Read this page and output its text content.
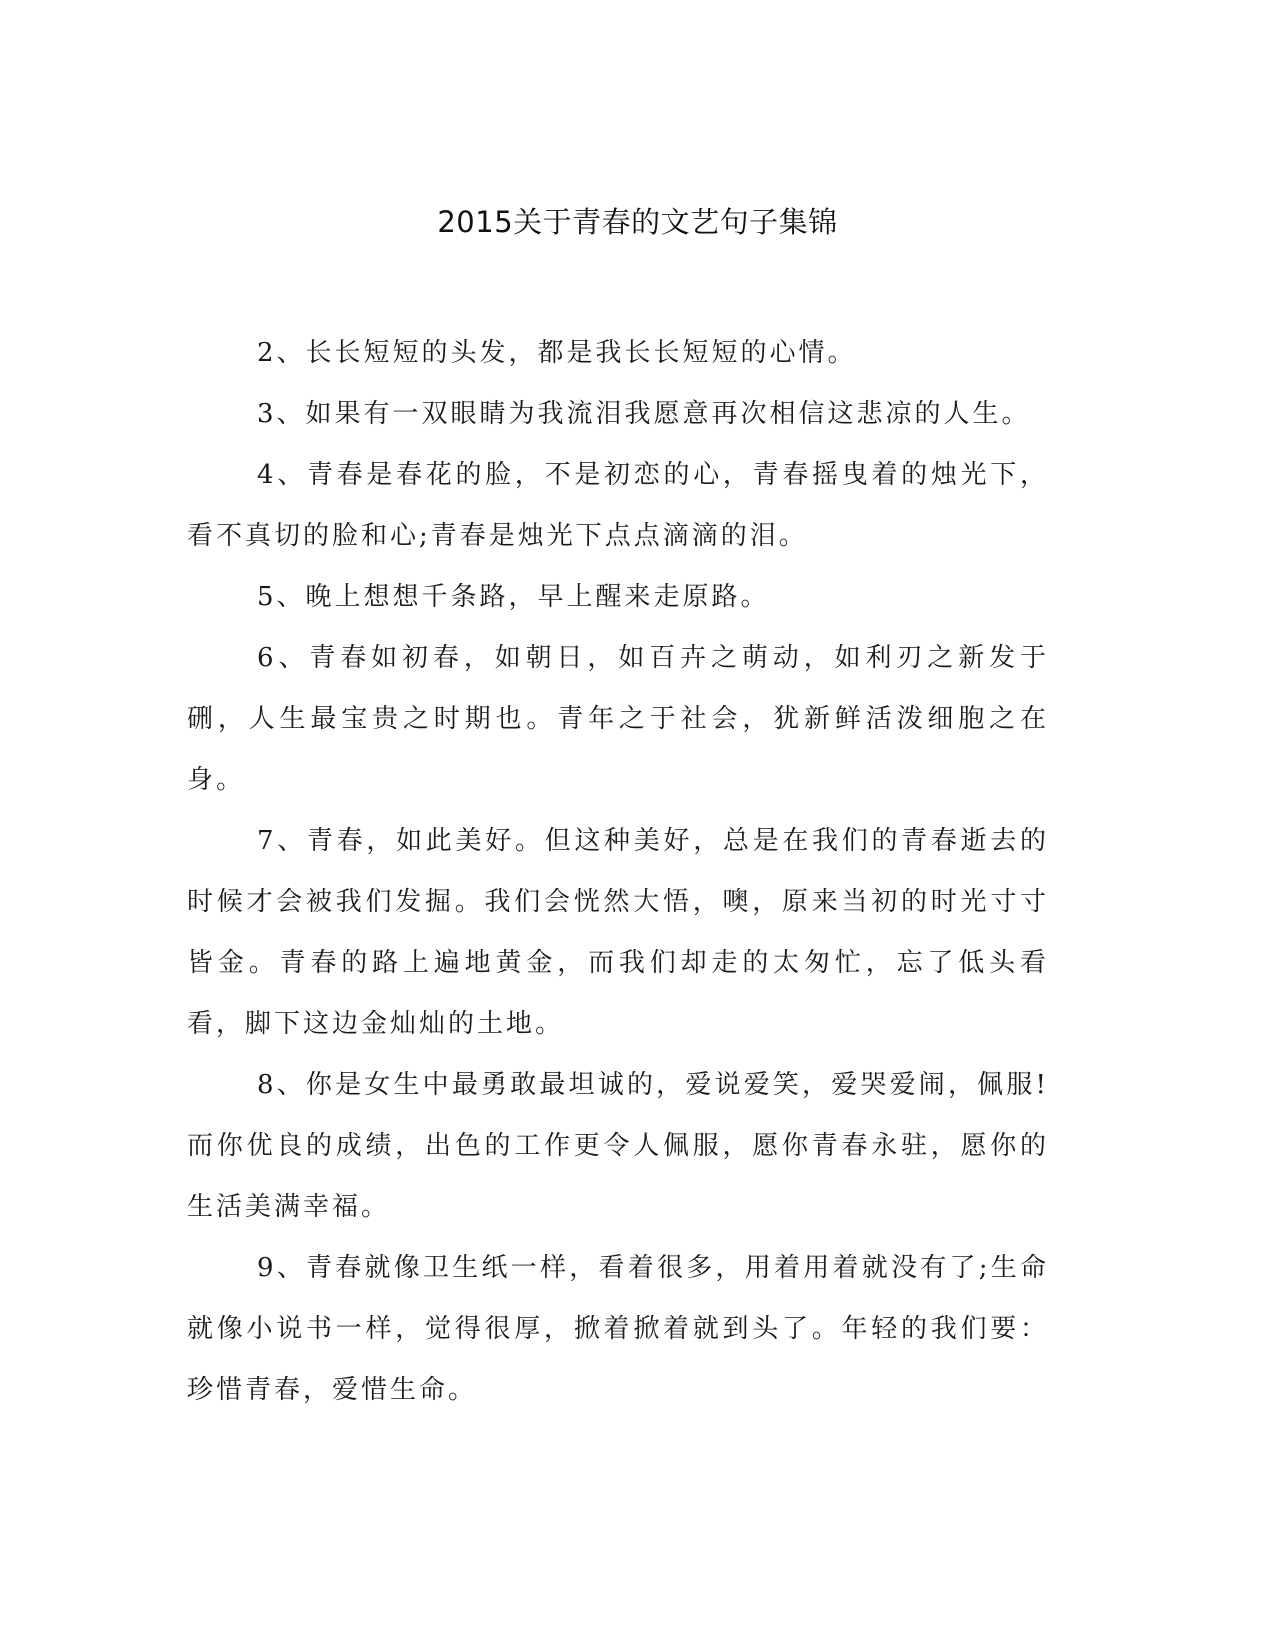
2015关于青春的文艺句子集锦

2、长长短短的头发，都是我长长短短的心情。

3、如果有一双眼睛为我流泪我愿意再次相信这悲凉的人生。

4、青春是春花的脸，不是初恋的心，青春摇曳着的烛光下，看不真切的脸和心;青春是烛光下点点滴滴的泪。

5、晚上想想千条路，早上醒来走原路。

6、青春如初春，如朝日，如百卉之萌动，如利刃之新发于硎，人生最宝贵之时期也。青年之于社会，犹新鲜活泼细胞之在身。

7、青春，如此美好。但这种美好，总是在我们的青春逝去的时候才会被我们发掘。我们会恍然大悟，噢，原来当初的时光寸寸皆金。青春的路上遍地黄金，而我们却走的太匆忙，忘了低头看看，脚下这边金灿灿的土地。

8、你是女生中最勇敢最坦诚的，爱说爱笑，爱哭爱闹，佩服!而你优良的成绩，出色的工作更令人佩服，愿你青春永驻，愿你的生活美满幸福。

9、青春就像卫生纸一样，看着很多，用着用着就没有了;生命就像小说书一样，觉得很厚，掀着掀着就到头了。年轻的我们要：珍惜青春，爱惜生命。
